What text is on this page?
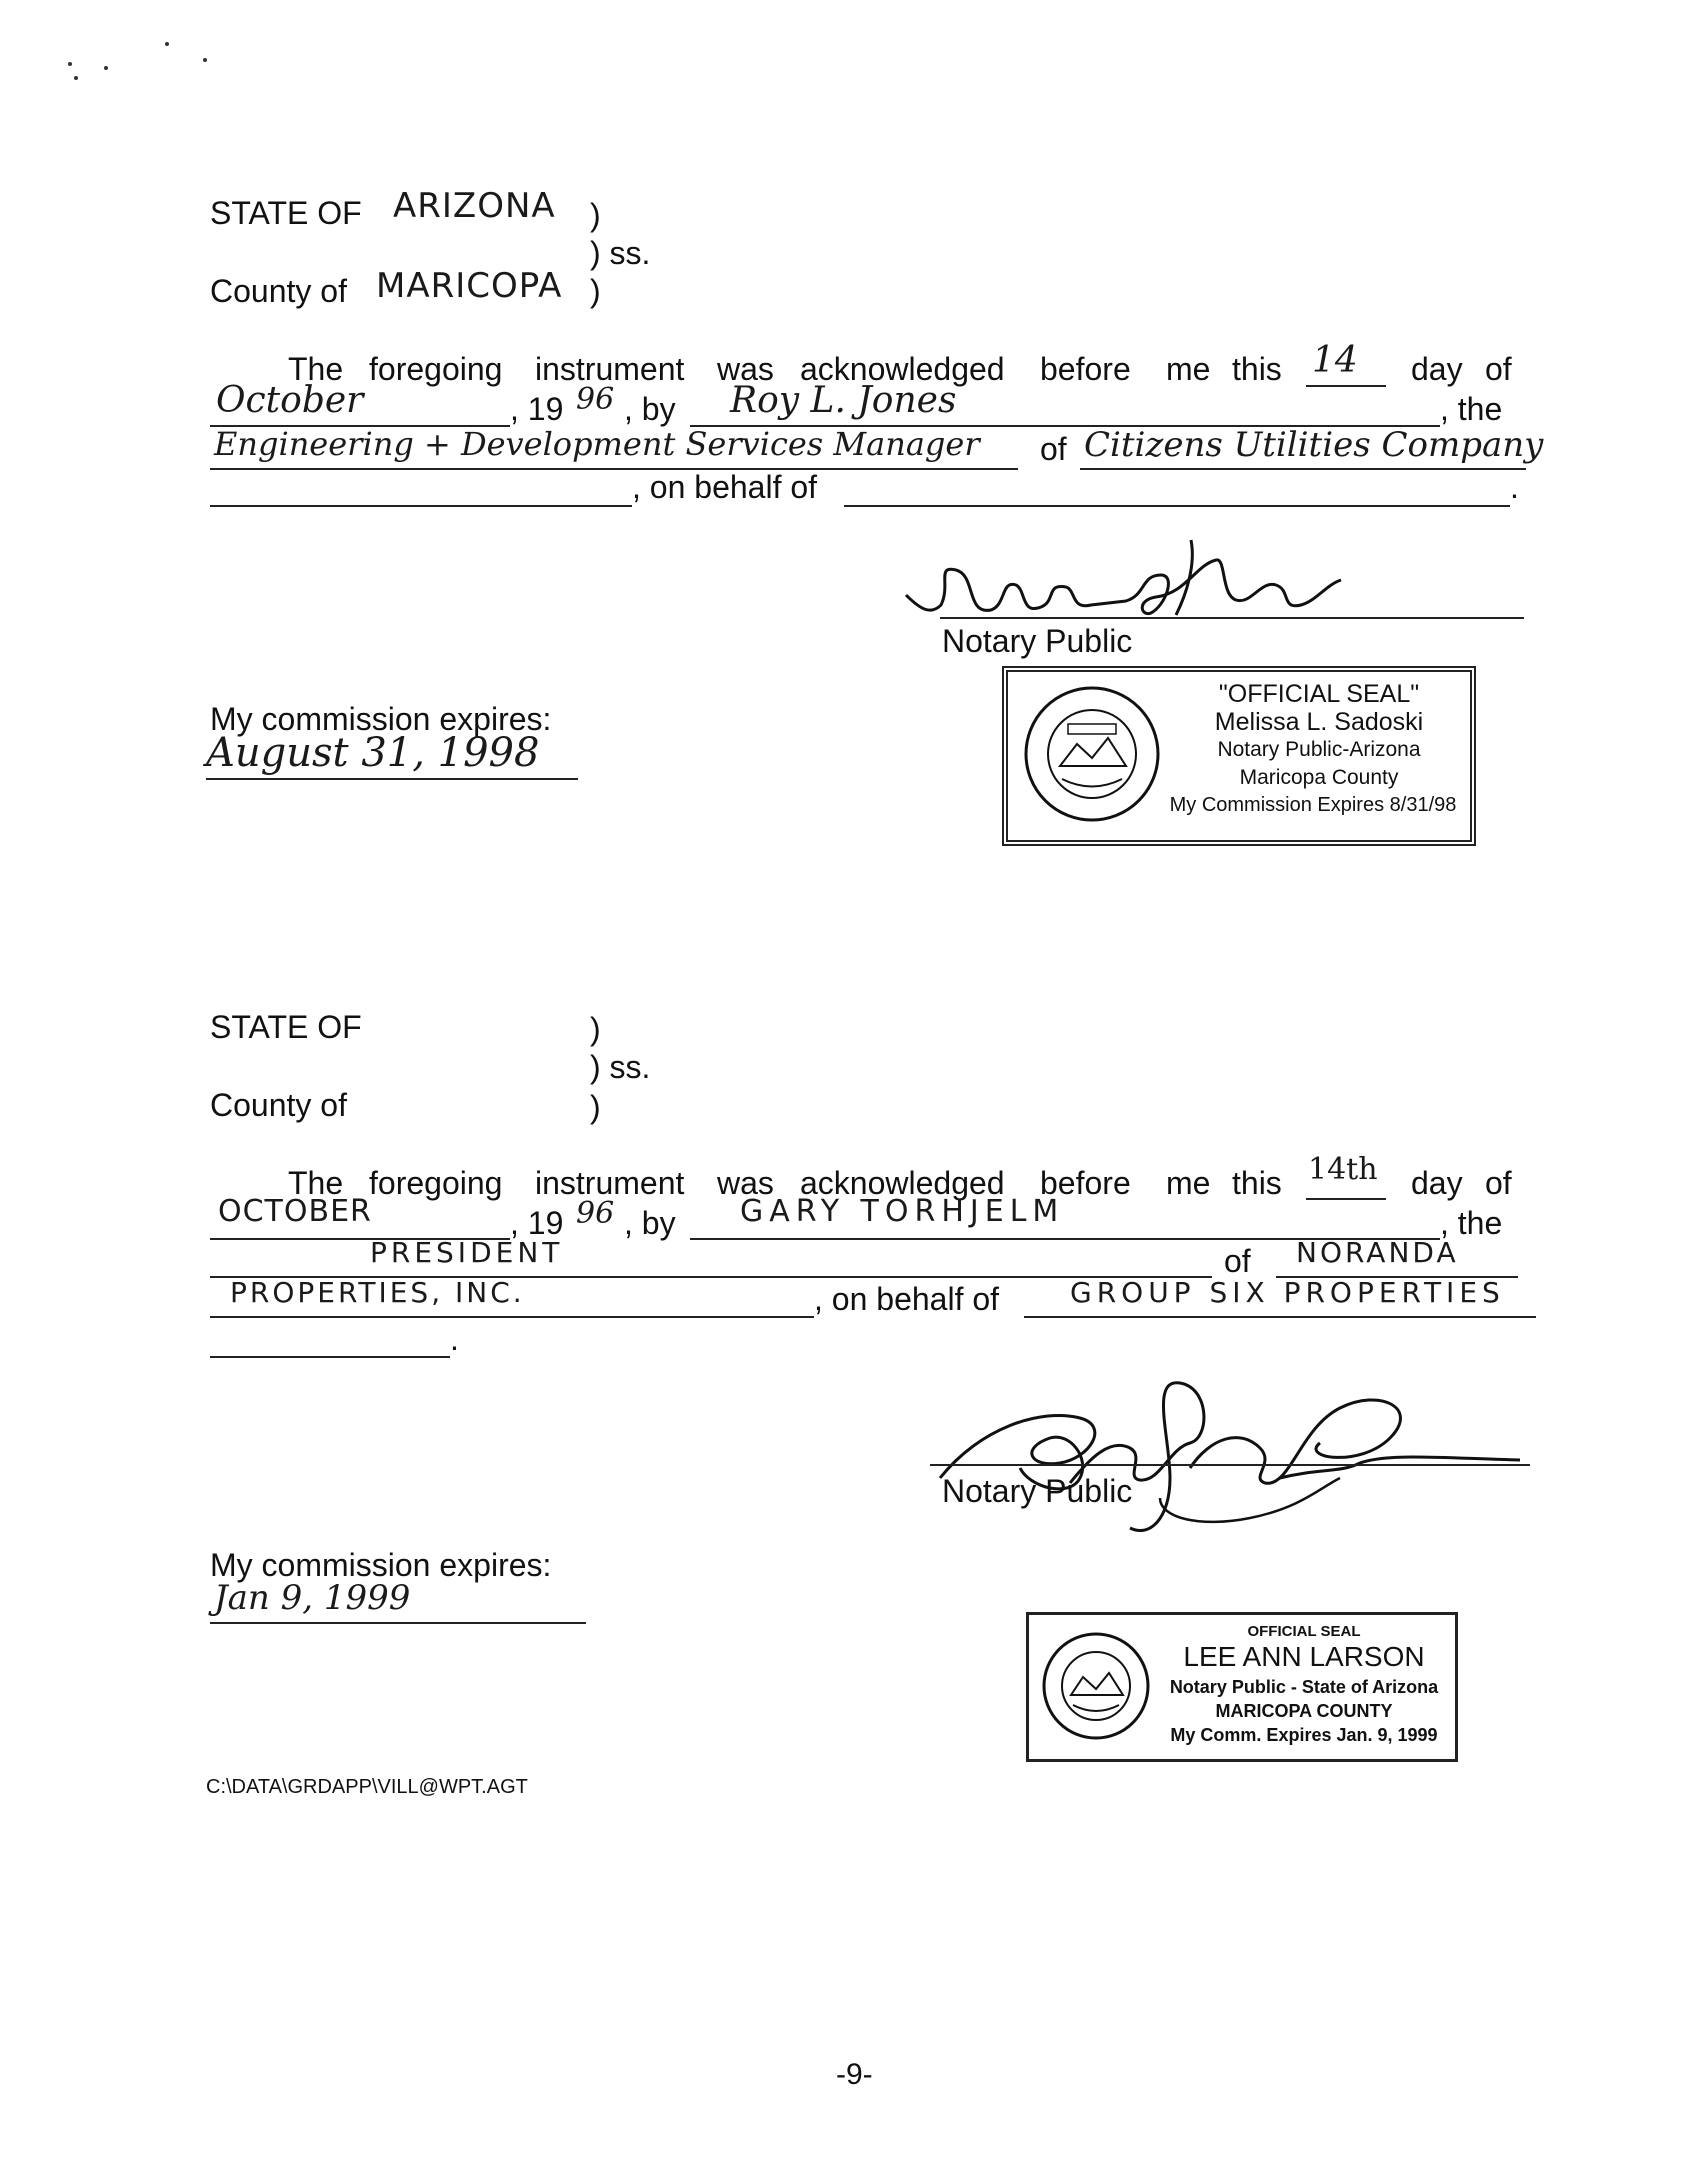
STATE OF ARIZONA )
) ss.
County of MARICOPA )
The foregoing instrument was acknowledged before me this 14 day of
October	, 19 96 , by Roy L. Jones	, the
Engineering + Development Services Manager of Citizens Utilities Company
, on behalf of	.
Notary Public
My commission expires:
August 31, 1998
"OFFICIAL SEAL"
Melissa L. Sadoski
Notary Public-Arizona
Maricopa County
My Commission Expires 8/31/98
STATE OF	)
) ss.
County of	)
The foregoing instrument was acknowledged before me this 14th day of
OCTOBER	, 19 96 , by GARY TORHJELM	, the
PRESIDENT	of NORANDA
PROPERTIES, INC.	, on behalf of	GROUP SIX PROPERTIES
.
Notary Public
My commission expires:
Jan 9, 1999
OFFICIAL SEAL
LEE ANN LARSON
Notary Public - State of Arizona
MARICOPA COUNTY
My Comm. Expires Jan. 9, 1999
C:\DATA\GRDAPP\VILL@WPT.AGT
-9-
